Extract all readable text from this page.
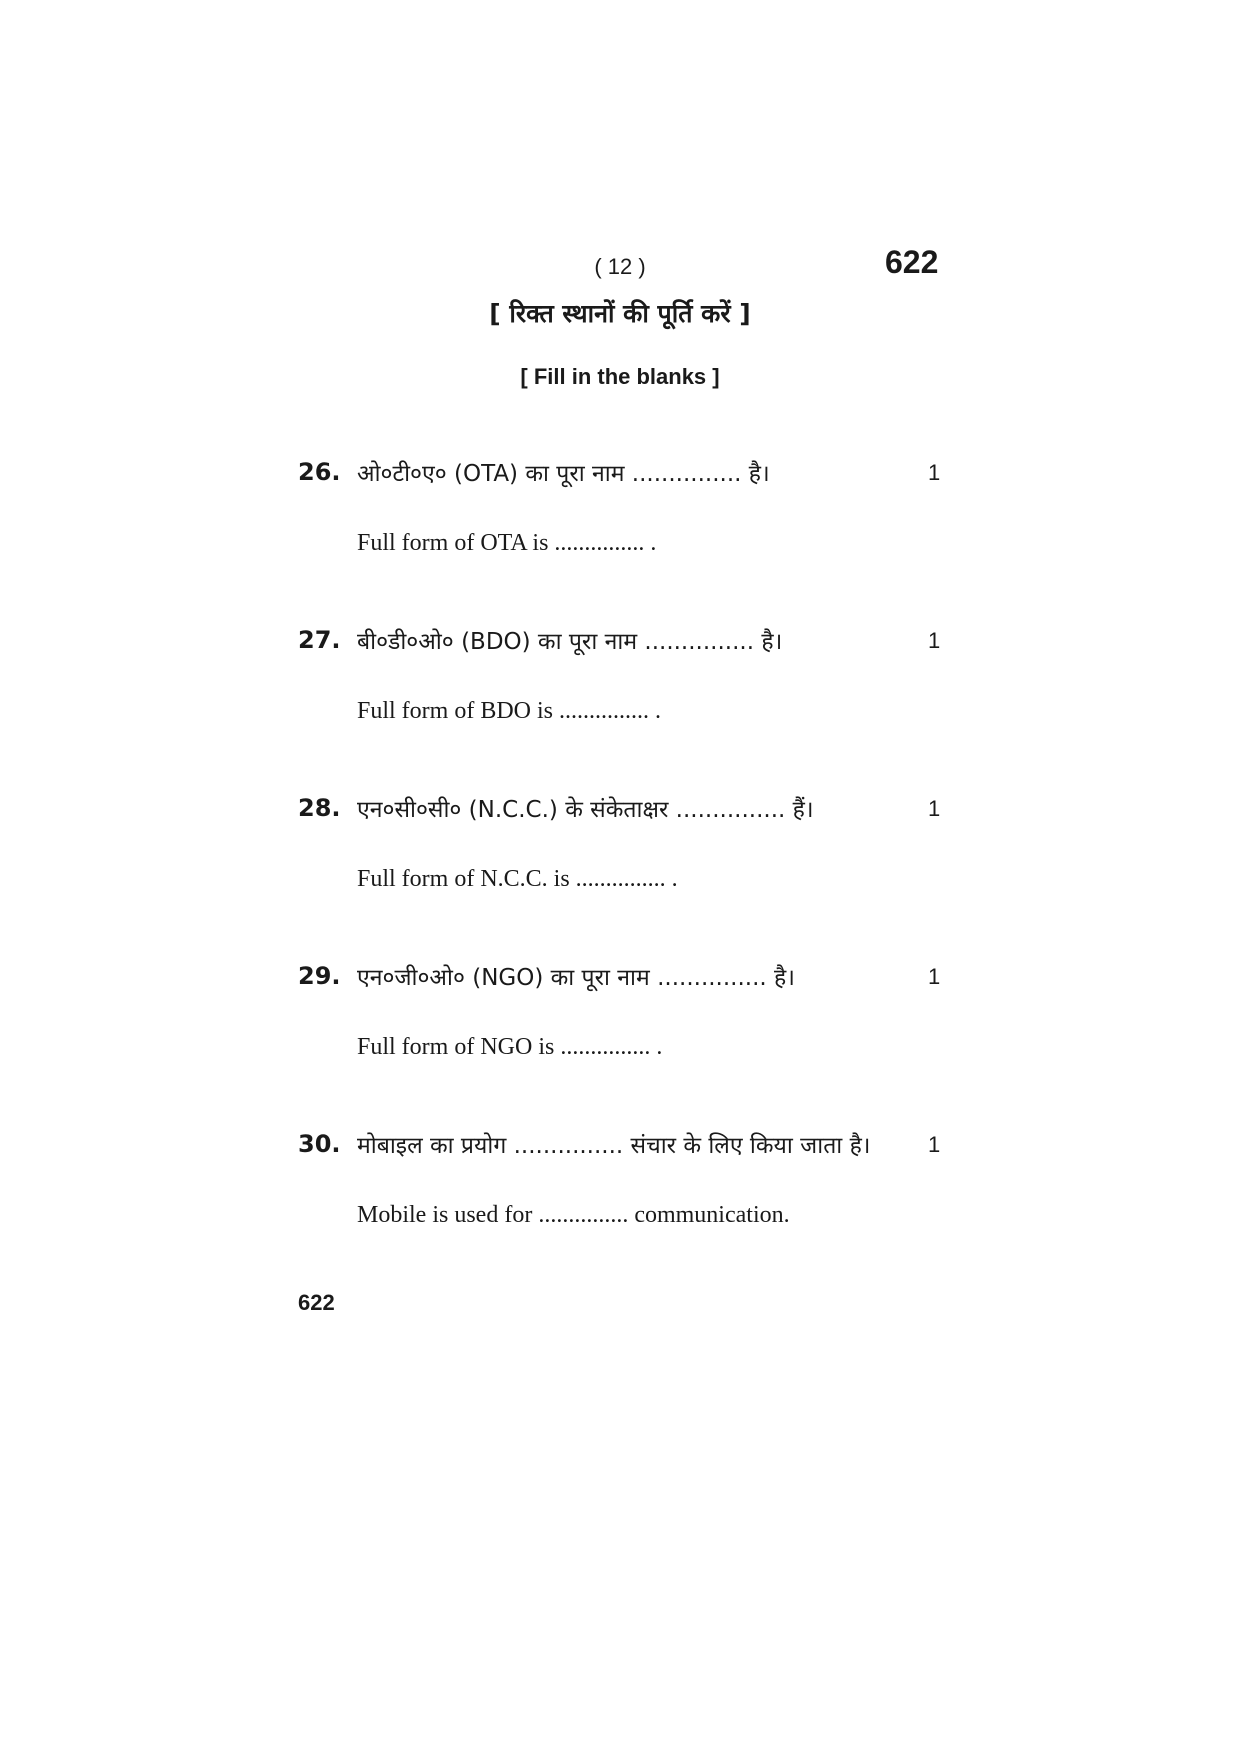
( 12 )	622
[ रिक्त स्थानों की पूर्ति करें ]
[ Fill in the blanks ]
26. ओ०टी०ए० (OTA) का पूरा नाम ............... है।	1
Full form of OTA is ............... .
27. बी०डी०ओ० (BDO) का पूरा नाम ............... है।	1
Full form of BDO is ............... .
28. एन०सी०सी० (N.C.C.) के संकेताक्षर ............... हैं।	1
Full form of N.C.C. is ............... .
29. एन०जी०ओ० (NGO) का पूरा नाम ............... है।	1
Full form of NGO is ............... .
30. मोबाइल का प्रयोग ............... संचार के लिए किया जाता है।	1
Mobile is used for ............... communication.
622
